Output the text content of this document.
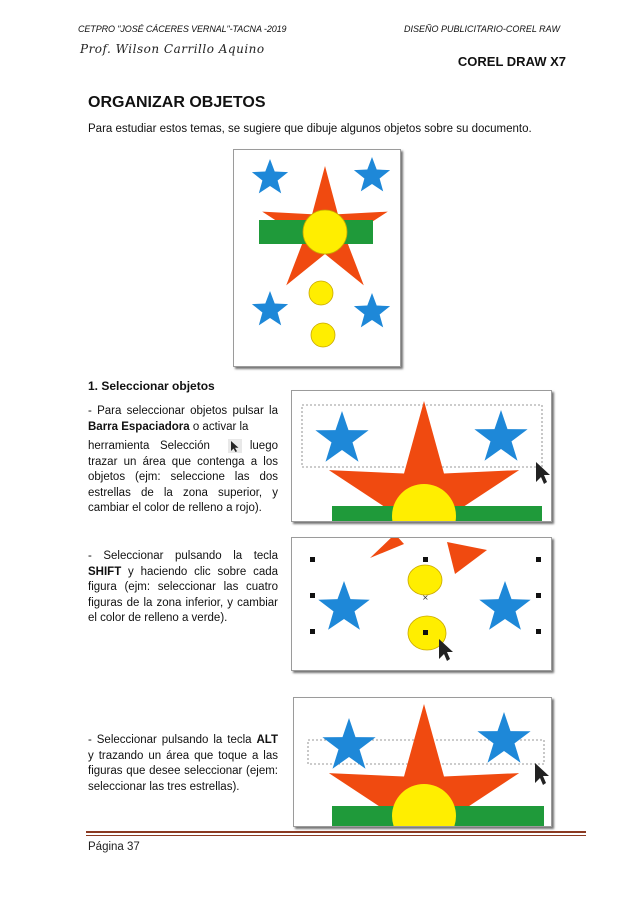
CETPRO "JOSÉ CÁCERES VERNAL"-TACNA -2019	DISEÑO PUBLICITARIO-COREL RAW
Prof. Wilson Carrillo Aquino
COREL DRAW X7
ORGANIZAR OBJETOS
Para estudiar estos temas, se sugiere que dibuje algunos objetos sobre su documento.
1. Seleccionar objetos
- Para seleccionar objetos pulsar la Barra Espaciadora o activar la

herramienta Selección	luego trazar un área que contenga a los objetos (ejm: seleccione las dos estrellas de la zona superior, y cambiar el color de relleno a rojo).
- Seleccionar pulsando la tecla SHIFT y haciendo clic sobre cada figura (ejm: seleccionar las cuatro figuras de la zona inferior, y cambiar el color de relleno a verde).
×
- Seleccionar pulsando la tecla ALT y trazando un área que toque a las figuras que desee seleccionar (ejem: seleccionar las tres estrellas).
Página 37
